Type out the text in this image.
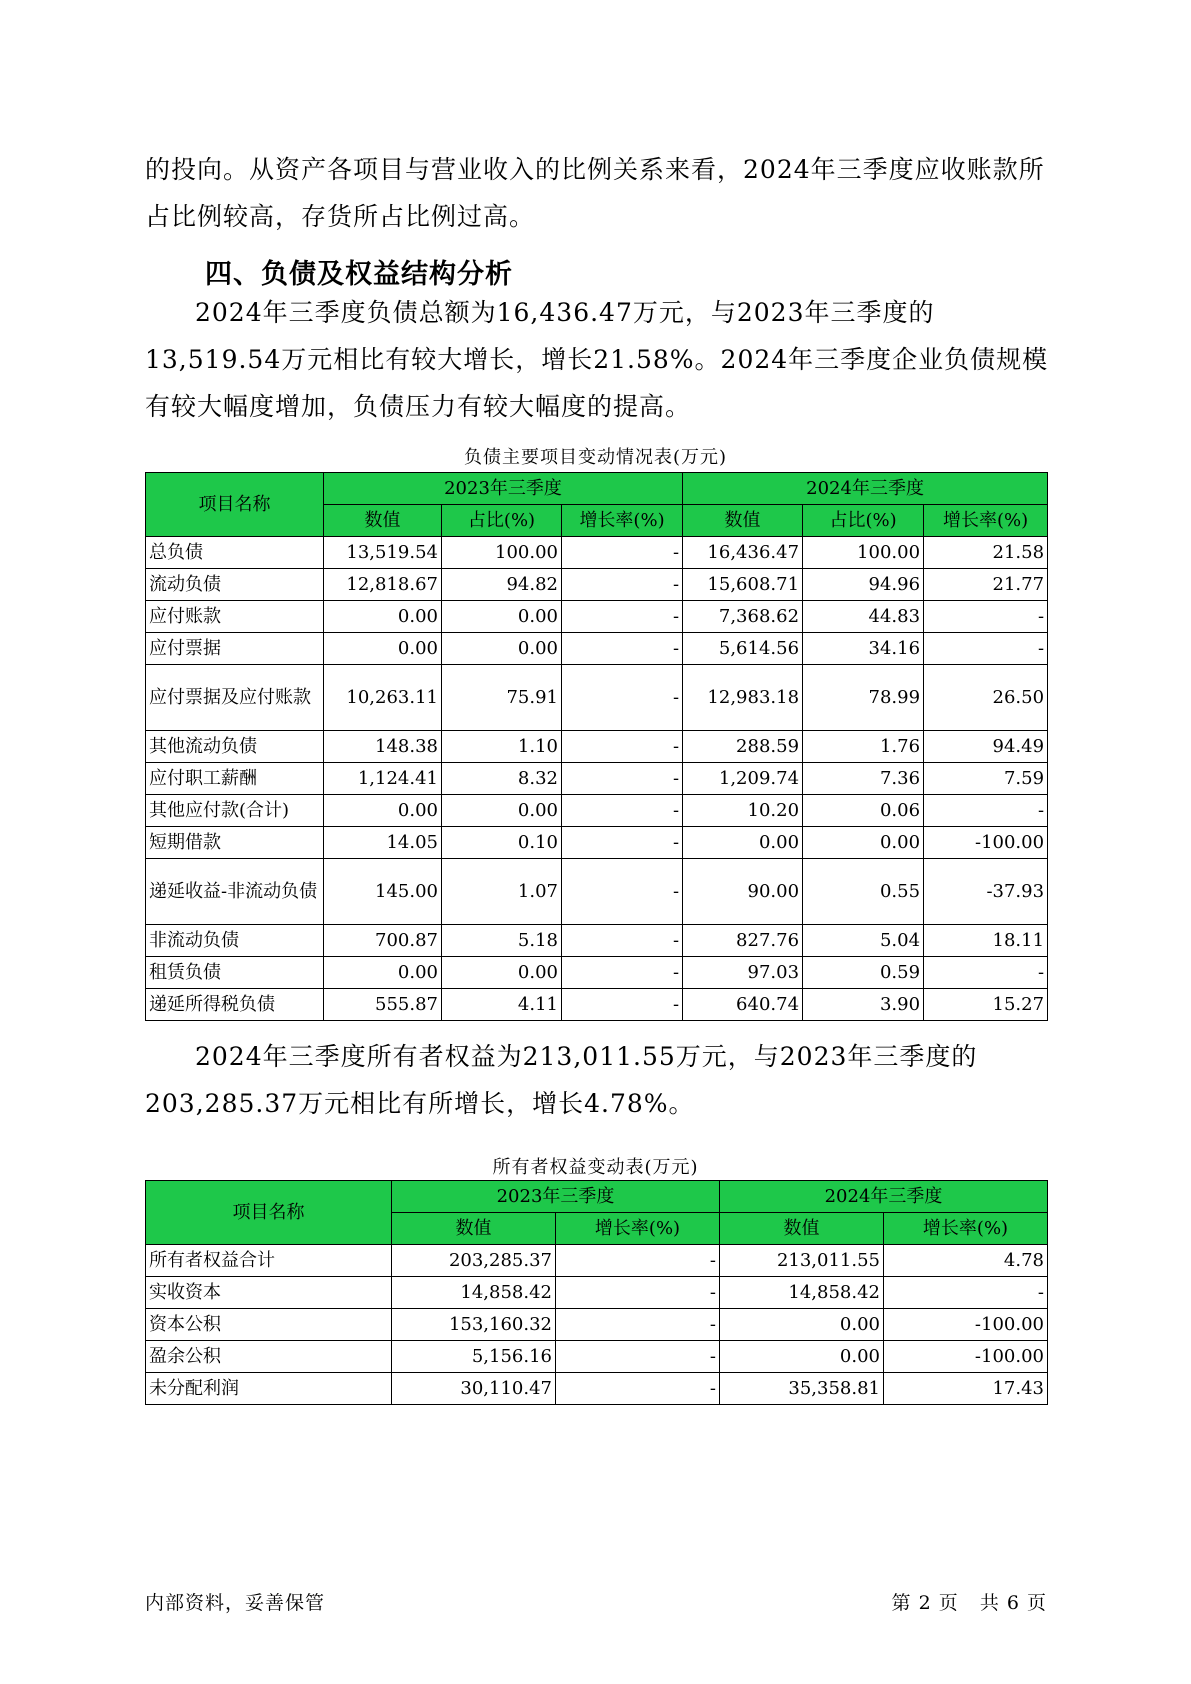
的投向。从资产各项目与营业收入的比例关系来看，2024年三季度应收账款所占比例较高，存货所占比例过高。

四、负债及权益结构分析

2024年三季度负债总额为16,436.47万元，与2023年三季度的13,519.54万元相比有较大增长，增长21.58%。2024年三季度企业负债规模有较大幅度增加，负债压力有较大幅度的提高。

负债主要项目变动情况表(万元)
项目名称	2023年三季度			2024年三季度		
	数值	占比(%)	增长率(%)	数值	占比(%)	增长率(%)
总负债	13,519.54	100.00	-	16,436.47	100.00	21.58
流动负债	12,818.67	94.82	-	15,608.71	94.96	21.77
应付账款	0.00	0.00	-	7,368.62	44.83	-
应付票据	0.00	0.00	-	5,614.56	34.16	-
应付票据及应付账款	10,263.11	75.91	-	12,983.18	78.99	26.50
其他流动负债	148.38	1.10	-	288.59	1.76	94.49
应付职工薪酬	1,124.41	8.32	-	1,209.74	7.36	7.59
其他应付款(合计)	0.00	0.00	-	10.20	0.06	-
短期借款	14.05	0.10	-	0.00	0.00	-100.00
递延收益-非流动负债	145.00	1.07	-	90.00	0.55	-37.93
非流动负债	700.87	5.18	-	827.76	5.04	18.11
租赁负债	0.00	0.00	-	97.03	0.59	-
递延所得税负债	555.87	4.11	-	640.74	3.90	15.27

2024年三季度所有者权益为213,011.55万元，与2023年三季度的203,285.37万元相比有所增长，增长4.78%。

所有者权益变动表(万元)
项目名称	2023年三季度		2024年三季度	
	数值	增长率(%)	数值	增长率(%)
所有者权益合计	203,285.37	-	213,011.55	4.78
实收资本	14,858.42	-	14,858.42	-
资本公积	153,160.32	-	0.00	-100.00
盈余公积	5,156.16	-	0.00	-100.00
未分配利润	30,110.47	-	35,358.81	17.43
内部资料，妥善保管	第 2 页   共 6 页
